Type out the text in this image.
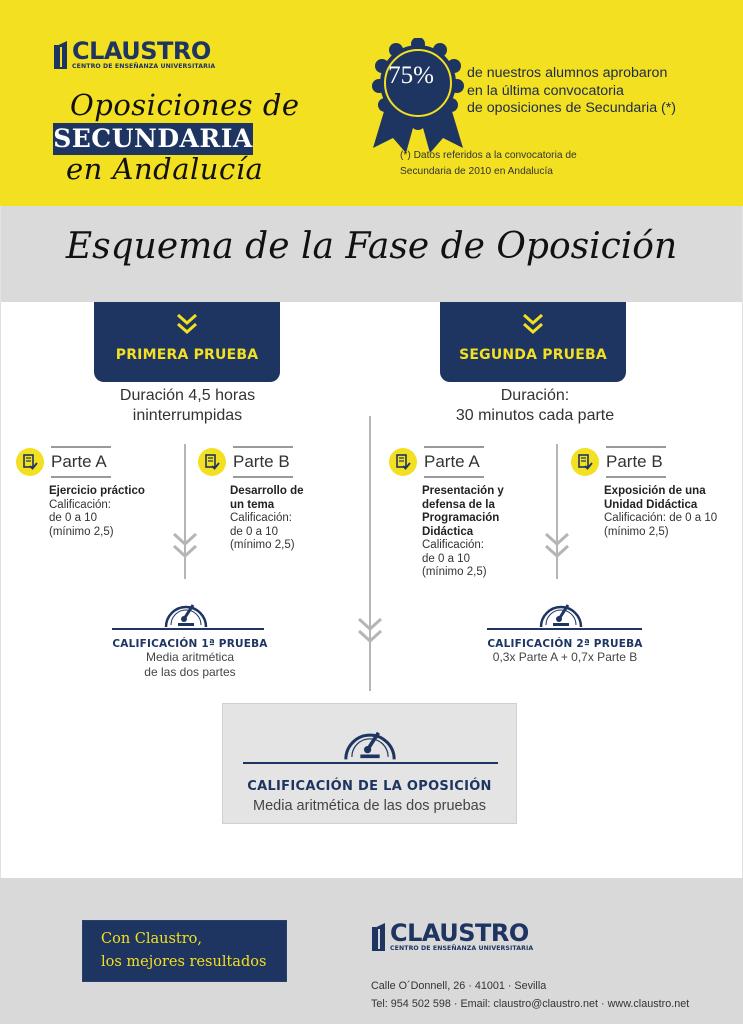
CLAUSTRO
CENTRO DE ENSEÑANZA UNIVERSITARIA
Oposiciones de
SECUNDARIA
en Andalucía
75%	de nuestros alumnos aprobaron
en la última convocatoria
de oposiciones de Secundaria (*)
(*) Datos referidos a la convocatoria de
Secundaria de 2010 en Andalucía
Esquema de la Fase de Oposición
PRIMERA PRUEBA	SEGUNDA PRUEBA
Duración 4,5 horas
ininterrumpidas
Duración:
30 minutos cada parte
Parte A
Ejercicio práctico
Calificación:
de 0 a 10
(mínimo 2,5)
Parte B
Desarrollo de
un tema
Calificación:
de 0 a 10
(mínimo 2,5)
Parte A
Presentación y
defensa de la
Programación
Didáctica
Calificación:
de 0 a 10
(mínimo 2,5)
Parte B
Exposición de una
Unidad Didáctica
Calificación: de 0 a 10
(mínimo 2,5)
CALIFICACIÓN 1ª PRUEBA
Media aritmética
de las dos partes
CALIFICACIÓN 2ª PRUEBA
0,3x Parte A + 0,7x Parte B
CALIFICACIÓN DE LA OPOSICIÓN
Media aritmética de las dos pruebas
Con Claustro,
los mejores resultados
CLAUSTRO
CENTRO DE ENSEÑANZA UNIVERSITARIA
Calle O´Donnell, 26 · 41001 · Sevilla
Tel: 954 502 598 · Email: claustro@claustro.net · www.claustro.net
